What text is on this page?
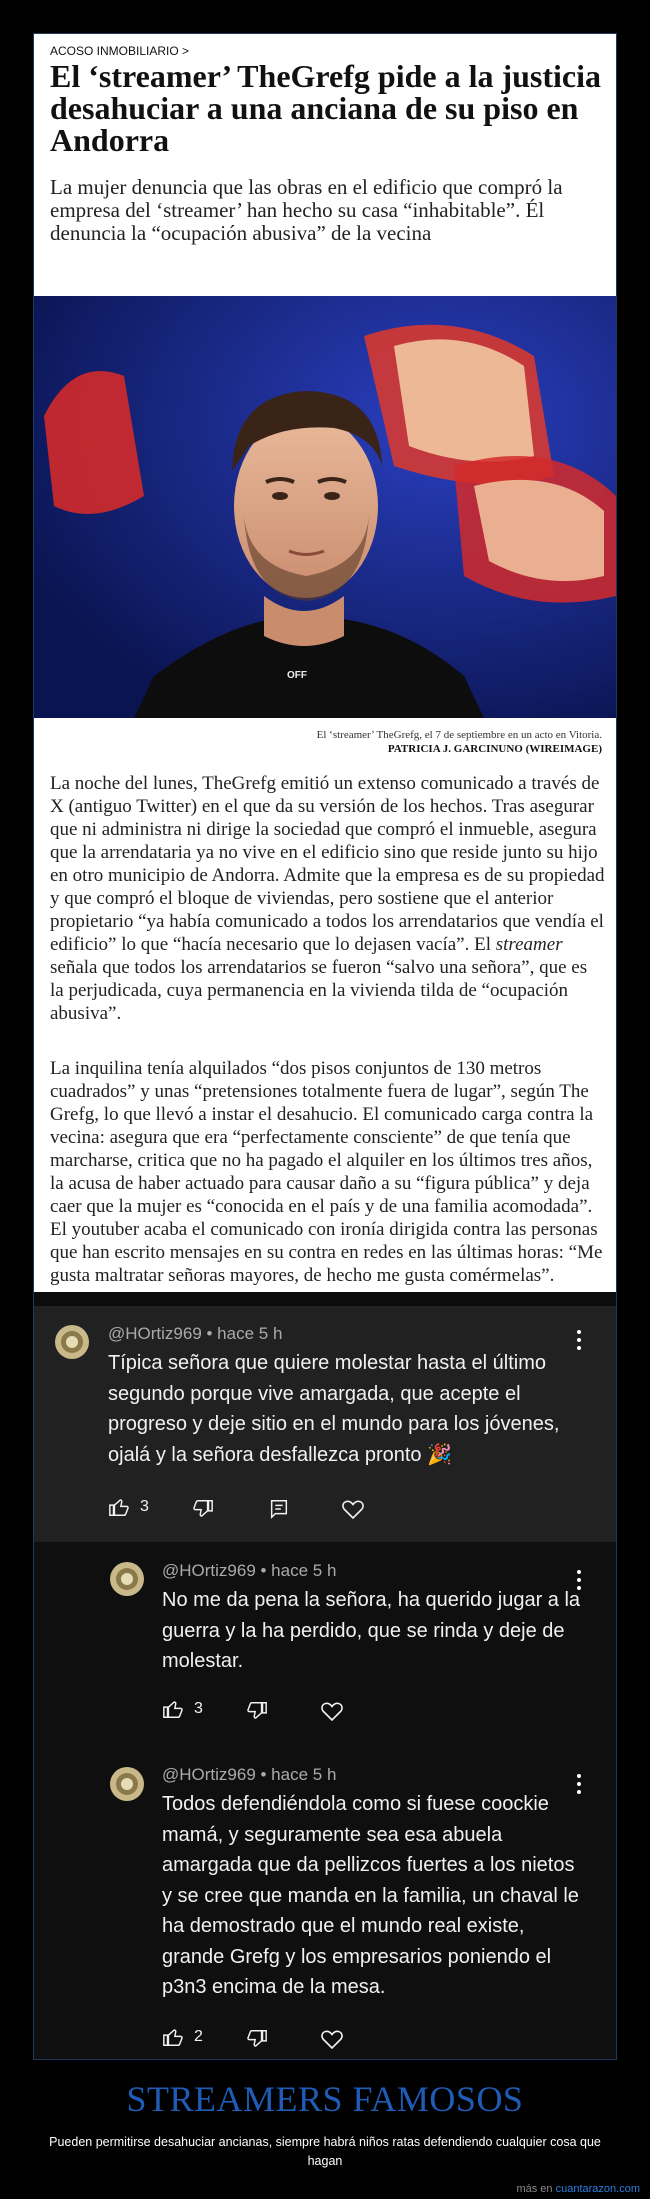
ACOSO INMOBILIARIO >
El ‘streamer’ TheGrefg pide a la justicia desahuciar a una anciana de su piso en Andorra

La mujer denuncia que las obras en el edificio que compró la empresa del ‘streamer’ han hecho su casa “inhabitable”. Él denuncia la “ocupación abusiva” de la vecina

OFF
El ‘streamer’ TheGrefg, el 7 de septiembre en un acto en Vitoria.
PATRICIA J. GARCINUNO (WIREIMAGE)

La noche del lunes, TheGrefg emitió un extenso comunicado a través de X (antiguo Twitter) en el que da su versión de los hechos. Tras asegurar que ni administra ni dirige la sociedad que compró el inmueble, asegura que la arrendataria ya no vive en el edificio sino que reside junto su hijo en otro municipio de Andorra. Admite que la empresa es de su propiedad y que compró el bloque de viviendas, pero sostiene que el anterior propietario “ya había comunicado a todos los arrendatarios que vendía el edificio” lo que “hacía necesario que lo dejasen vacía”. El streamer señala que todos los arrendatarios se fueron “salvo una señora”, que es la perjudicada, cuya permanencia en la vivienda tilda de “ocupación abusiva”.

La inquilina tenía alquilados “dos pisos conjuntos de 130 metros cuadrados” y unas “pretensiones totalmente fuera de lugar”, según The Grefg, lo que llevó a instar el desahucio. El comunicado carga contra la vecina: asegura que era “perfectamente consciente” de que tenía que marcharse, critica que no ha pagado el alquiler en los últimos tres años, la acusa de haber actuado para causar daño a su “figura pública” y deja caer que la mujer es “conocida en el país y de una familia acomodada”. El youtuber acaba el comunicado con ironía dirigida contra las personas que han escrito mensajes en su contra en redes en las últimas horas: “Me gusta maltratar señoras mayores, de hecho me gusta comérmelas”.

@HOrtiz969 • hace 5 h

Típica señora que quiere molestar hasta el último segundo porque vive amargada, que acepte el progreso y deje sitio en el mundo para los jóvenes, ojalá y la señora desfallezca pronto 🎉

3
@HOrtiz969 • hace 5 h

No me da pena la señora, ha querido jugar a la guerra y la ha perdido, que se rinda y deje de molestar.

3
@HOrtiz969 • hace 5 h

Todos defendiéndola como si fuese coockie mamá, y seguramente sea esa abuela amargada que da pellizcos fuertes a los nietos y se cree que manda en la familia, un chaval le ha demostrado que el mundo real existe, grande Grefg y los empresarios poniendo el p3n3 encima de la mesa.

2
STREAMERS FAMOSOS
Pueden permitirse desahuciar ancianas, siempre habrá niños ratas defendiendo cualquier cosa que hagan
más en cuantarazon.com
